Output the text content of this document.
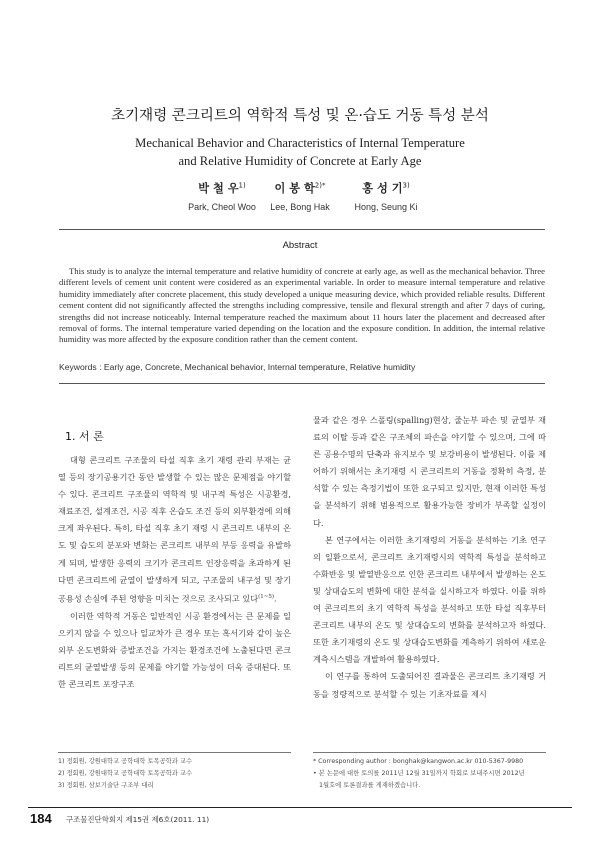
초기재령 콘크리트의 역학적 특성 및 온·습도 거동 특성 분석
Mechanical Behavior and Characteristics of Internal Temperature
and Relative Humidity of Concrete at Early Age
박 철 우$^{1)}$
Park, Cheol Woo
이 봉 학$^{2)*}$
Lee, Bong Hak
홍 성 기$^{3)}$
Hong, Seung Ki
Abstract

This study is to analyze the internal temperature and relative humidity of concrete at early age, as well as the mechanical behavior. Three different levels of cement unit content were cosidered as an experimental variable. In order to measure internal temperature and relative humidity immediately after concrete placement, this study developed a unique measuring device, which provided reliable results. Different cement content did not significantly affected the strengths including compressive, tensile and flexural strength and after 7 days of curing, strengths did not increase noticeably. Internal temperature reached the maximum about 11 hours later the placement and decreased after removal of forms. The internal temperature varied depending on the location and the exposure condition. In addition, the internal relative humidity was more affected by the exposure condition rather than the cement content.

Keywords : Early age, Concrete, Mechanical behavior, Internal temperature, Relative humidity
1. 서 론

대형 콘크리트 구조물의 타설 직후 초기 재령 관리 부재는 균열 등의 장기공용기간 동안 발생할 수 있는 많은 문제점을 야기할 수 있다. 콘크리트 구조물의 역학적 및 내구적 특성은 시공환경, 재료조건, 설계조건, 시공 직후 온습도 조건 등의 외부환경에 의해 크게 좌우된다. 특히, 타설 직후 초기 재령 시 콘크리트 내부의 온도 및 습도의 분포와 변화는 콘크리트 내부의 부등 응력을 유발하게 되며, 발생한 응력의 크기가 콘크리트 인장응력을 초과하게 된다면 콘크리트에 균열이 발생하게 되고, 구조물의 내구성 및 장기공용성 손실에 주된 영향을 미치는 것으로 조사되고 있다$^{(1\sim 5)}$.

이러한 역학적 거동은 일반적인 시공 환경에서는 큰 문제를 일으키지 않을 수 있으나 일교차가 큰 경우 또는 혹서기와 같이 높은 외부 온도변화와 증발조건을 가지는 환경조건에 노출된다면 콘크리트의 균열발생 등의 문제를 야기할 가능성이 더욱 증대된다. 또한 콘크리트 포장구조

물과 같은 경우 스폴링(spalling)현상, 줄눈부 파손 및 균열부 재료의 이탈 등과 같은 구조체의 파손을 야기할 수 있으며, 그에 따른 공용수명의 단축과 유지보수 및 보강비용이 발생된다. 이를 제어하기 위해서는 초기재령 시 콘크리트의 거동을 정확히 측정, 분석할 수 있는 측정기법이 또한 요구되고 있지만, 현재 이러한 특성을 분석하기 위해 범용적으로 활용가능한 장비가 부족할 실정이다.

본 연구에서는 이러한 초기재령의 거동을 분석하는 기초 연구의 일환으로서, 콘크리트 초기재령시의 역학적 특성을 분석하고 수화반응 및 발열반응으로 인한 콘크리트 내부에서 발생하는 온도 및 상대습도의 변화에 대한 분석을 실시하고자 하였다. 이를 위하여 콘크리트의 초기 역학적 특성을 분석하고 또한 타설 직후부터 콘크리트 내부의 온도 및 상대습도의 변화를 분석하고자 하였다. 또한 초기재령의 온도 및 상대습도변화를 계측하기 위하여 새로운 계측시스템을 개발하여 활용하였다.

이 연구를 통하여 도출되어진 결과물은 콘크리트 초기재령 거동을 정량적으로 분석할 수 있는 기초자료를 제시

1) 정회원, 강원대학교 공학대학 토목공학과 교수
2) 정회원, 강원대학교 공학대학 토목공학과 교수
3) 정회원, 삼보기술단 구조부 대리
* Corresponding author : bonghak@kangwon.ac.kr 010-5367-9980
• 본 논문에 대한 토의를 2011년 12월 31일까지 학회로 보내주시면 2012년
1월호에 토론결과를 게재하겠습니다.
184 구조물진단학회지 제15권 제6호(2011. 11)
